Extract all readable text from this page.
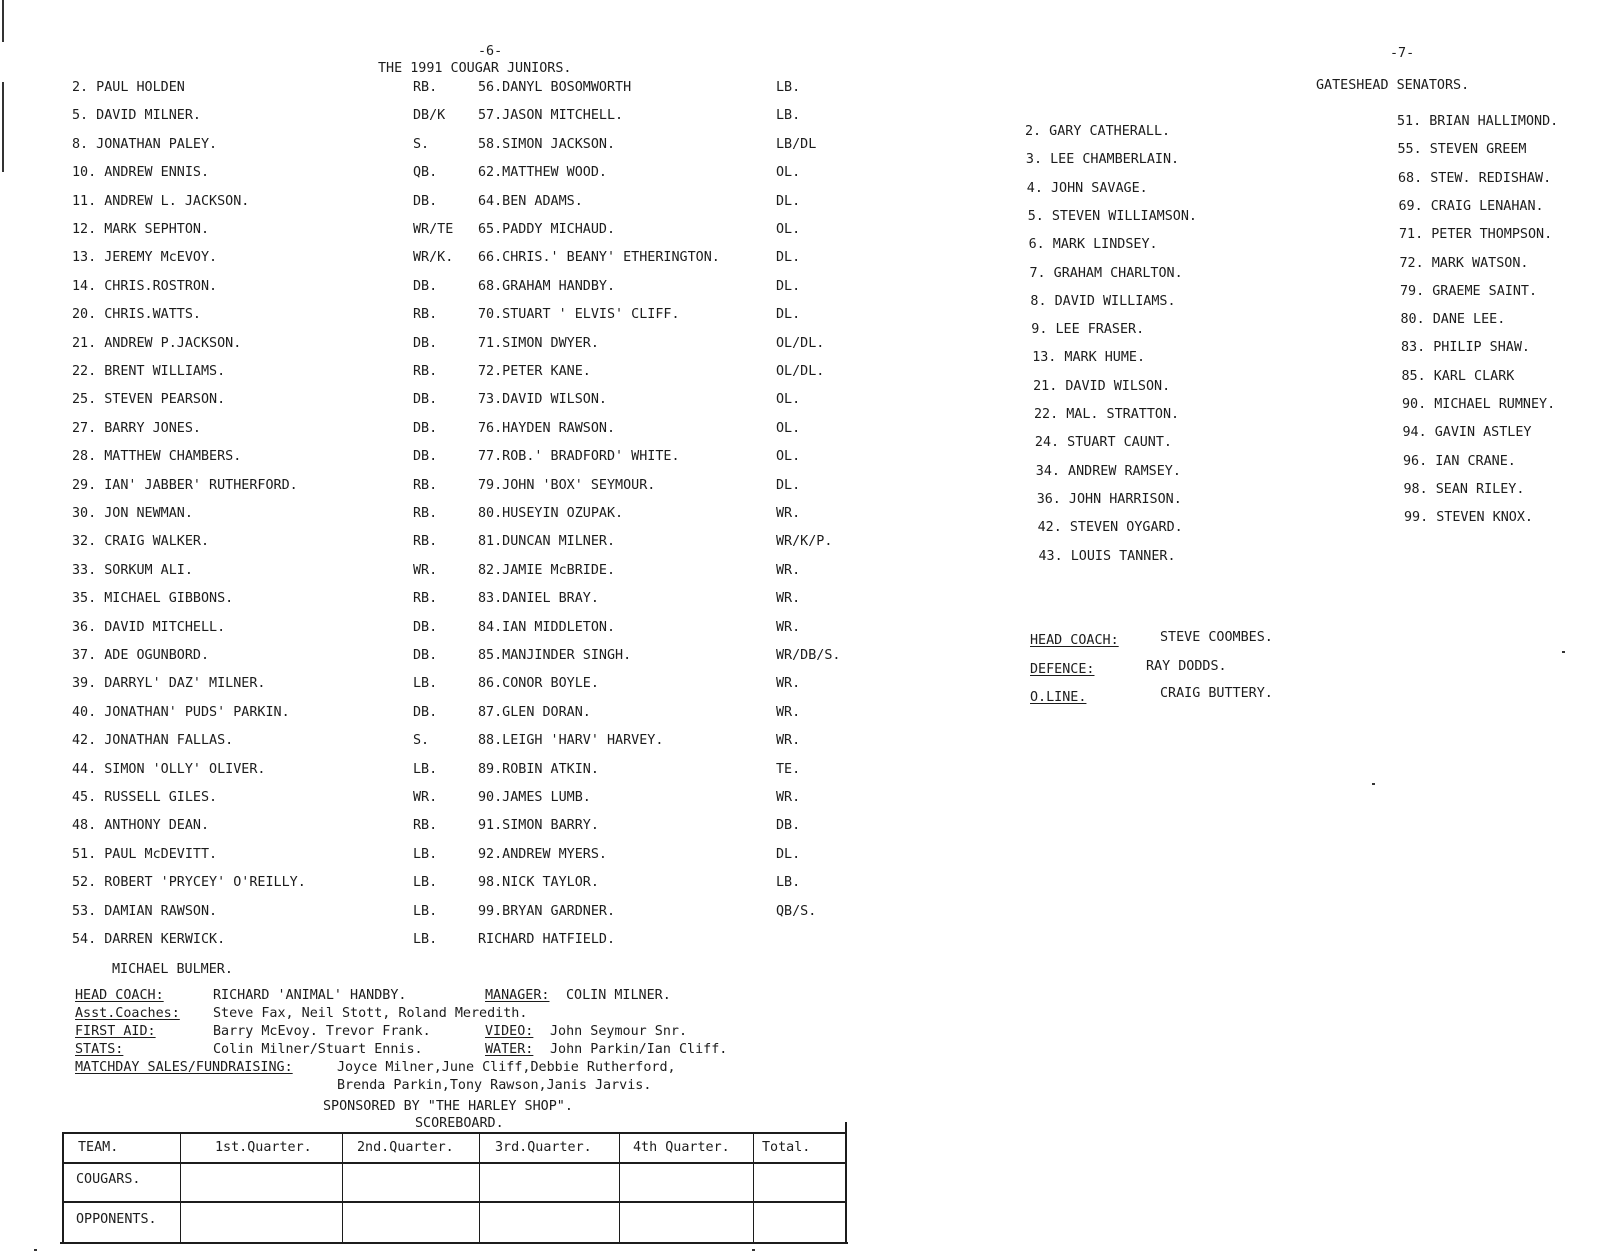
-6-
THE 1991 COUGAR JUNIORS.
2. PAUL HOLDEN	RB.	56.DANYL BOSOMWORTH	LB.
5. DAVID MILNER.	DB/K 57.JASON MITCHELL.	LB.
8. JONATHAN PALEY.	S.	58.SIMON JACKSON.	LB/DL
10. ANDREW ENNIS.	QB.	62.MATTHEW WOOD.	OL.
11. ANDREW L. JACKSON.	DB.	64.BEN ADAMS.	DL.
12. MARK SEPHTON.	WR/TE 65.PADDY MICHAUD.	OL.
13. JEREMY McEVOY.	WR/K. 66.CHRIS.' BEANY' ETHERINGTON.	DL.
14. CHRIS.ROSTRON.	DB.	68.GRAHAM HANDBY.	DL.
20. CHRIS.WATTS.	RB.	70.STUART ' ELVIS' CLIFF.	DL.
21. ANDREW P.JACKSON.	DB.	71.SIMON DWYER.	OL/DL.
22. BRENT WILLIAMS.	RB.	72.PETER KANE.	OL/DL.
25. STEVEN PEARSON.	DB.	73.DAVID WILSON.	OL.
27. BARRY JONES.	DB.	76.HAYDEN RAWSON.	OL.
28. MATTHEW CHAMBERS.	DB.	77.ROB.' BRADFORD' WHITE.	OL.
29. IAN' JABBER' RUTHERFORD.	RB.	79.JOHN 'BOX' SEYMOUR.	DL.
30. JON NEWMAN.	RB.	80.HUSEYIN OZUPAK.	WR.
32. CRAIG WALKER.	RB.	81.DUNCAN MILNER.	WR/K/P.
33. SORKUM ALI.	WR.	82.JAMIE McBRIDE.	WR.
35. MICHAEL GIBBONS.	RB.	83.DANIEL BRAY.	WR.
36. DAVID MITCHELL.	DB.	84.IAN MIDDLETON.	WR.
37. ADE OGUNBORD.	DB.	85.MANJINDER SINGH.	WR/DB/S.
39. DARRYL' DAZ' MILNER.	LB.	86.CONOR BOYLE.	WR.
40. JONATHAN' PUDS' PARKIN.	DB.	87.GLEN DORAN.	WR.
42. JONATHAN FALLAS.	S.	88.LEIGH 'HARV' HARVEY.	WR.
44. SIMON 'OLLY' OLIVER.	LB.	89.ROBIN ATKIN.	TE.
45. RUSSELL GILES.	WR.	90.JAMES LUMB.	WR.
48. ANTHONY DEAN.	RB.	91.SIMON BARRY.	DB.
51. PAUL McDEVITT.	LB.	92.ANDREW MYERS.	DL.
52. ROBERT 'PRYCEY' O'REILLY.	LB.	98.NICK TAYLOR.	LB.
53. DAMIAN RAWSON.	LB.	99.BRYAN GARDNER.	QB/S.
54. DARREN KERWICK.	LB.	RICHARD HATFIELD.
MICHAEL BULMER.
HEAD COACH:	RICHARD 'ANIMAL' HANDBY.	MANAGER: COLIN MILNER.
Asst.Coaches: Steve Fax, Neil Stott, Roland Meredith.
FIRST AID:	Barry McEvoy. Trevor Frank.	VIDEO: John Seymour Snr.
STATS:	Colin Milner/Stuart Ennis.	WATER: John Parkin/Ian Cliff.
MATCHDAY SALES/FUNDRAISING:	Joyce Milner,June Cliff,Debbie Rutherford,
Brenda Parkin,Tony Rawson,Janis Jarvis.
SPONSORED BY "THE HARLEY SHOP".
SCOREBOARD.
TEAM.	1st.Quarter.	2nd.Quarter.	3rd.Quarter.	4th Quarter. Total.
COUGARS.
OPPONENTS.
-7-
GATESHEAD SENATORS.
2. GARY CATHERALL.
3. LEE CHAMBERLAIN.
4. JOHN SAVAGE.
5. STEVEN WILLIAMSON.
6. MARK LINDSEY.
7. GRAHAM CHARLTON.
8. DAVID WILLIAMS.
9. LEE FRASER.
13. MARK HUME.
21. DAVID WILSON.
22. MAL. STRATTON.
24. STUART CAUNT.
34. ANDREW RAMSEY.
36. JOHN HARRISON.
42. STEVEN OYGARD.
43. LOUIS TANNER.
51. BRIAN HALLIMOND.
55. STEVEN GREEM
68. STEW. REDISHAW.
69. CRAIG LENAHAN.
71. PETER THOMPSON.
72. MARK WATSON.
79. GRAEME SAINT.
80. DANE LEE.
83. PHILIP SHAW.
85. KARL CLARK
90. MICHAEL RUMNEY.
94. GAVIN ASTLEY
96. IAN CRANE.
98. SEAN RILEY.
99. STEVEN KNOX.
HEAD COACH:	STEVE COOMBES.
DEFENCE:	RAY DODDS.
O.LINE.	CRAIG BUTTERY.
